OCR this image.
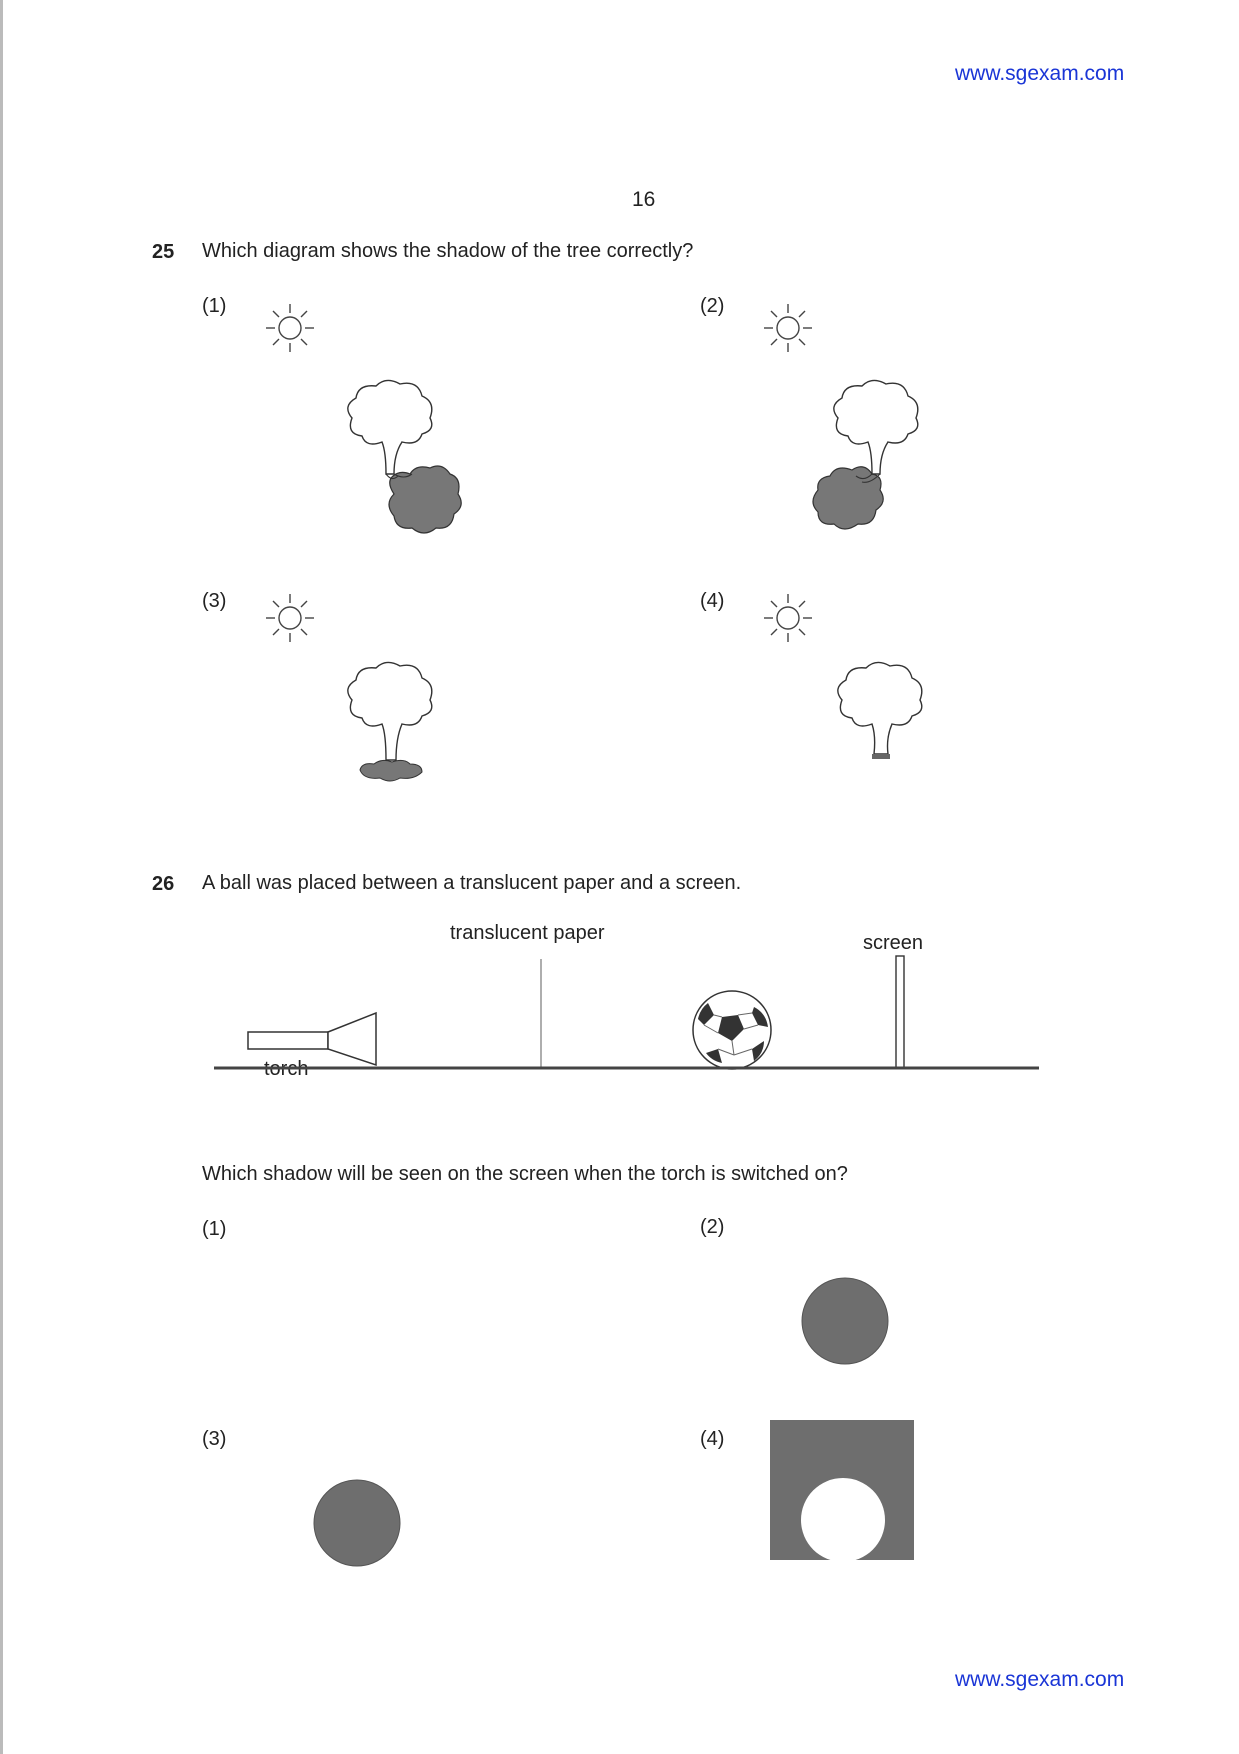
www.sgexam.com
16
25 Which diagram shows the shadow of the tree correctly?
(1)	(2)
(3)	(4)
26 A ball was placed between a translucent paper and a screen.
translucent paper	screen
torch
Which shadow will be seen on the screen when the torch is switched on?
(1)	(2)
(3)	(4)
www.sgexam.com
